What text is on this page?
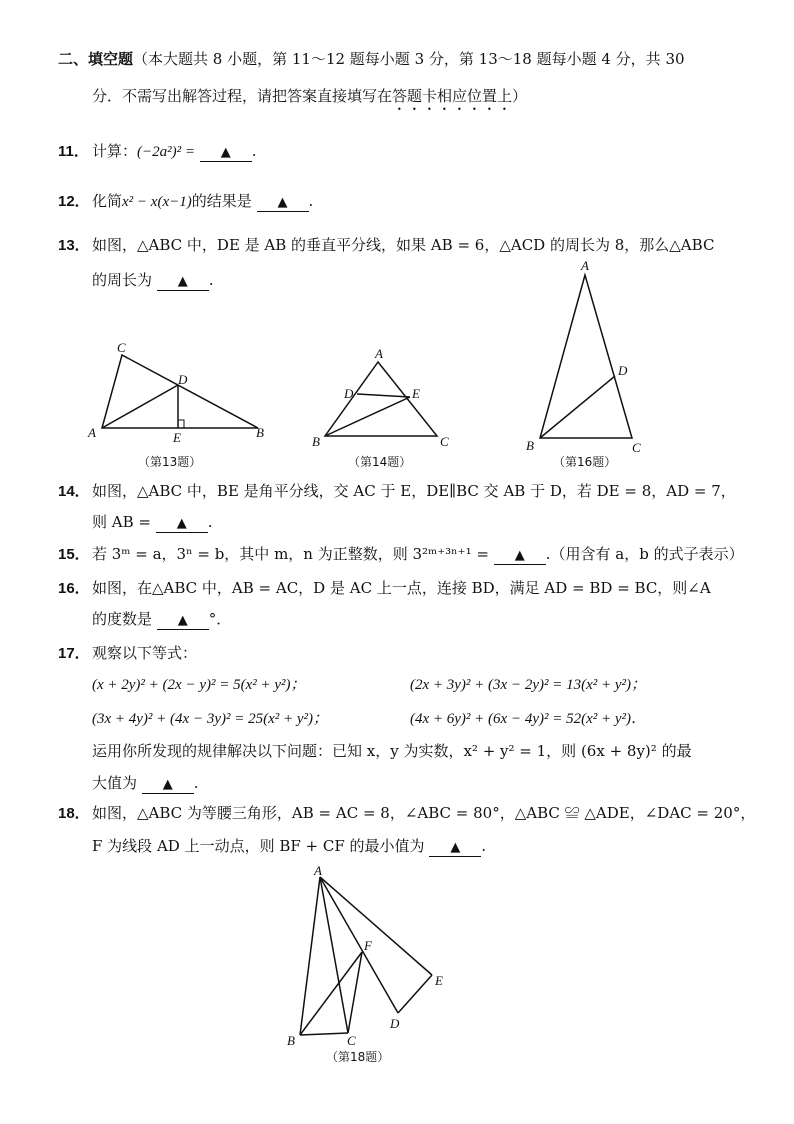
二、填空题（本大题共 8 小题，第 11～12 题每小题 3 分，第 13～18 题每小题 4 分，共 30
分．不需写出解答过程，请把答案直接填写在答题卡相应位置上）
11． 计算：(−2a²)² = ▲ .
12． 化简x² − x(x−1)的结果是 ▲ .
13． 如图，△ABC 中，DE 是 AB 的垂直平分线，如果 AB = 6，△ACD 的周长为 8，那么△ABC
的周长为 ▲ .
C
D
A	E	B
A
D	E
B	C
A
D
B	C
A
F
E
D
B	C
（第13题）	（第14题）	（第16题）
14． 如图，△ABC 中，BE 是角平分线，交 AC 于 E，DE∥BC 交 AB 于 D，若 DE = 8，AD = 7，
则 AB = ▲ .
15． 若 3ᵐ = a，3ⁿ = b，其中 m，n 为正整数，则 3²ᵐ⁺³ⁿ⁺¹ = ▲ .（用含有 a，b 的式子表示）
16． 如图，在△ABC 中，AB = AC，D 是 AC 上一点，连接 BD，满足 AD = BD = BC，则∠A
的度数是 ▲ °．
17． 观察以下等式：
(x + 2y)² + (2x − y)² = 5(x² + y²)；	(2x + 3y)² + (3x − 2y)² = 13(x² + y²)；
(3x + 4y)² + (4x − 3y)² = 25(x² + y²)；	(4x + 6y)² + (6x − 4y)² = 52(x² + y²)．
运用你所发现的规律解决以下问题：已知 x，y 为实数，x² + y² = 1，则 (6x + 8y)² 的最
大值为 ▲ .
18． 如图，△ABC 为等腰三角形，AB = AC = 8，∠ABC = 80°，△ABC ≌ △ADE，∠DAC = 20°，
F 为线段 AD 上一动点，则 BF + CF 的最小值为 ▲ .
（第18题）
